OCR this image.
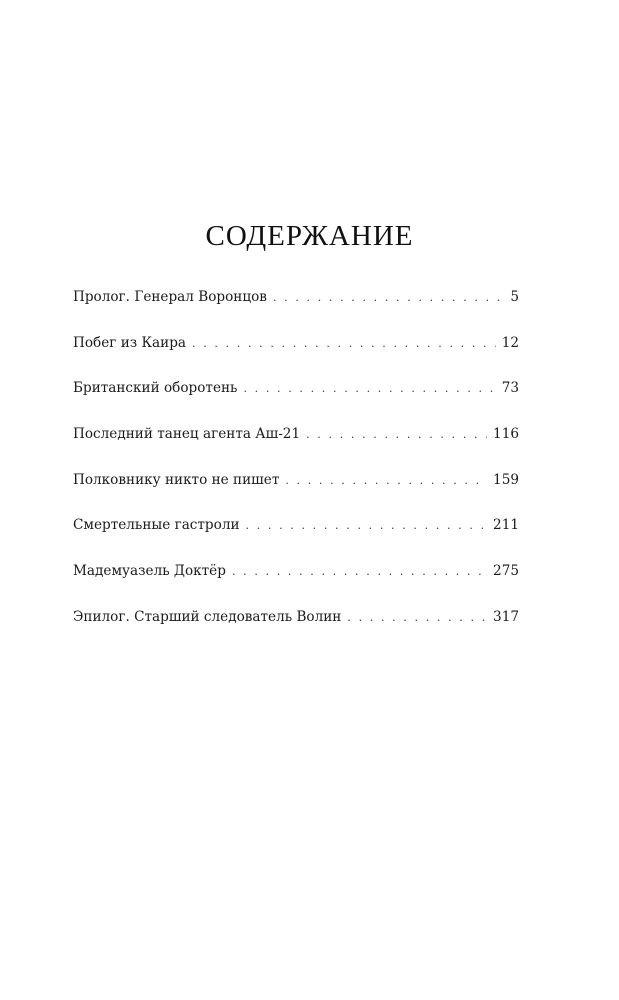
СОДЕРЖАНИЕ
Пролог. Генерал Воронцов . . .	5
Побег из Каира . . .	12
Британский оборотень . . .	73
Последний танец агента Аш-21 . . .	116
Полковнику никто не пишет . . .	159
Смертельные гастроли . . .	211
Мадемуазель Доктёр . . .	275
Эпилог. Старший следователь Волин . . .	317
